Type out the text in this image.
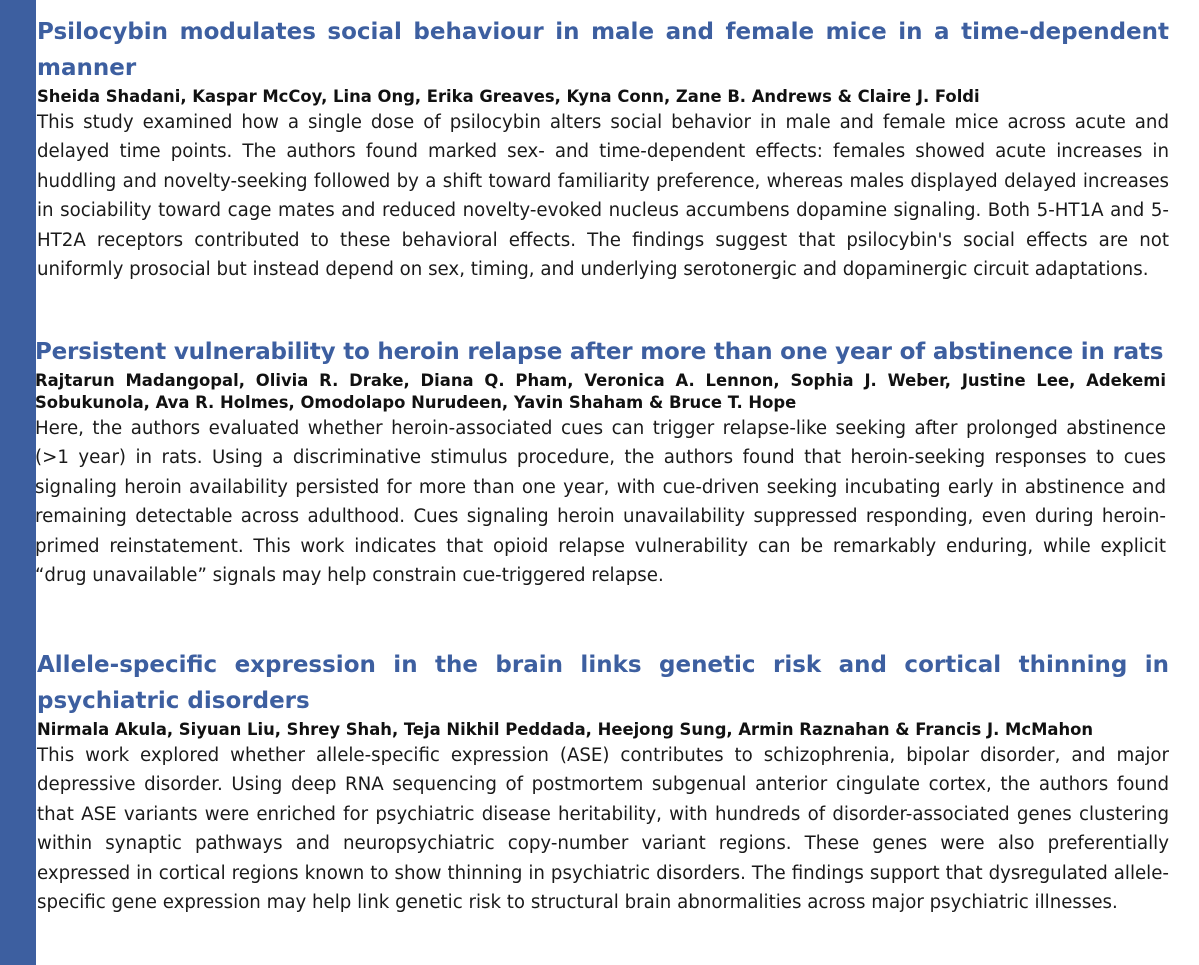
Psilocybin modulates social behaviour in male and female mice in a time-dependent manner

Sheida Shadani, Kaspar McCoy, Lina Ong, Erika Greaves, Kyna Conn, Zane B. Andrews & Claire J. Foldi

This study examined how a single dose of psilocybin alters social behavior in male and female mice across acute and delayed time points. The authors found marked sex- and time-dependent effects: females showed acute increases in huddling and novelty-seeking followed by a shift toward familiarity preference, whereas males displayed delayed increases in sociability toward cage mates and reduced novelty-evoked nucleus accumbens dopamine signaling. Both 5-HT1A and 5-HT2A receptors contributed to these behavioral effects. The findings suggest that psilocybin's social effects are not uniformly prosocial but instead depend on sex, timing, and underlying serotonergic and dopaminergic circuit adaptations.

Persistent vulnerability to heroin relapse after more than one year of abstinence in rats

Rajtarun Madangopal, Olivia R. Drake, Diana Q. Pham, Veronica A. Lennon, Sophia J. Weber, Justine Lee, Adekemi Sobukunola, Ava R. Holmes, Omodolapo Nurudeen, Yavin Shaham & Bruce T. Hope

Here, the authors evaluated whether heroin-associated cues can trigger relapse-like seeking after prolonged abstinence (>1 year) in rats. Using a discriminative stimulus procedure, the authors found that heroin-seeking responses to cues signaling heroin availability persisted for more than one year, with cue-driven seeking incubating early in abstinence and remaining detectable across adulthood. Cues signaling heroin unavailability suppressed responding, even during heroin-primed reinstatement. This work indicates that opioid relapse vulnerability can be remarkably enduring, while explicit “drug unavailable” signals may help constrain cue-triggered relapse.

Allele-specific expression in the brain links genetic risk and cortical thinning in psychiatric disorders

Nirmala Akula, Siyuan Liu, Shrey Shah, Teja Nikhil Peddada, Heejong Sung, Armin Raznahan & Francis J. McMahon

This work explored whether allele-specific expression (ASE) contributes to schizophrenia, bipolar disorder, and major depressive disorder. Using deep RNA sequencing of postmortem subgenual anterior cingulate cortex, the authors found that ASE variants were enriched for psychiatric disease heritability, with hundreds of disorder-associated genes clustering within synaptic pathways and neuropsychiatric copy-number variant regions. These genes were also preferentially expressed in cortical regions known to show thinning in psychiatric disorders. The findings support that dysregulated allele-specific gene expression may help link genetic risk to structural brain abnormalities across major psychiatric illnesses.
